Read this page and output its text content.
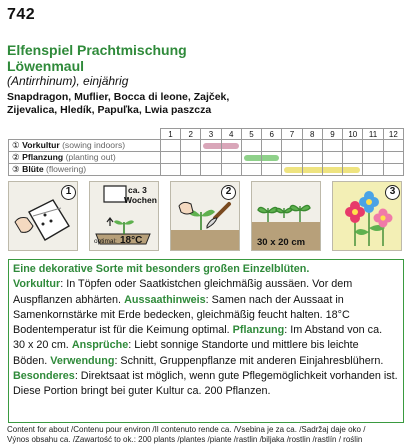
742
Elfenspiel Prachtmischung
Löwenmaul
(Antirrhinum), einjährig
Snapdragon, Muflier, Bocca di leone, Zajček,
Zijevalica, Hledík, Papuľka, Lwia paszcza
	1	2	3	4	5	6	7	8	9	10	11	12
① Vorkultur (sowing indoors)			

② Pflanzung (planting out)					

③ Blüte (flowering)							

1	ca. 3
Wochen
optimal: 18°C
2
30 x 20 cm
3
Eine dekorative Sorte mit besonders großen Einzelblüten.
Vorkultur: In Töpfen oder Saatkistchen gleichmäßig aussäen. Vor dem
Auspflanzen abhärten. Aussaathinweis: Samen nach der Aussaat in
Samenkornstärke mit Erde bedecken, gleichmäßig feucht halten. 18°C
Bodentemperatur ist für die Keimung optimal. Pflanzung: Im Abstand von ca.
30 x 20 cm. Ansprüche: Liebt sonnige Standorte und mittlere bis leichte
Böden. Verwendung: Schnitt, Gruppenpflanze mit anderen Einjahresblühern.
Besonderes: Direktsaat ist möglich, wenn gute Pflegemöglichkeit vorhanden ist.
Diese Portion bringt bei guter Kultur ca. 200 Pflanzen.
Content for about /Contenu pour environ /Il contenuto rende ca. /Vsebina je za ca. /Sadržaj daje oko /
Výnos obsahu ca. /Zawartość to ok.: 200 plants /plantes /piante /rastlin /biljaka /rostlin /rastlín / roślin
